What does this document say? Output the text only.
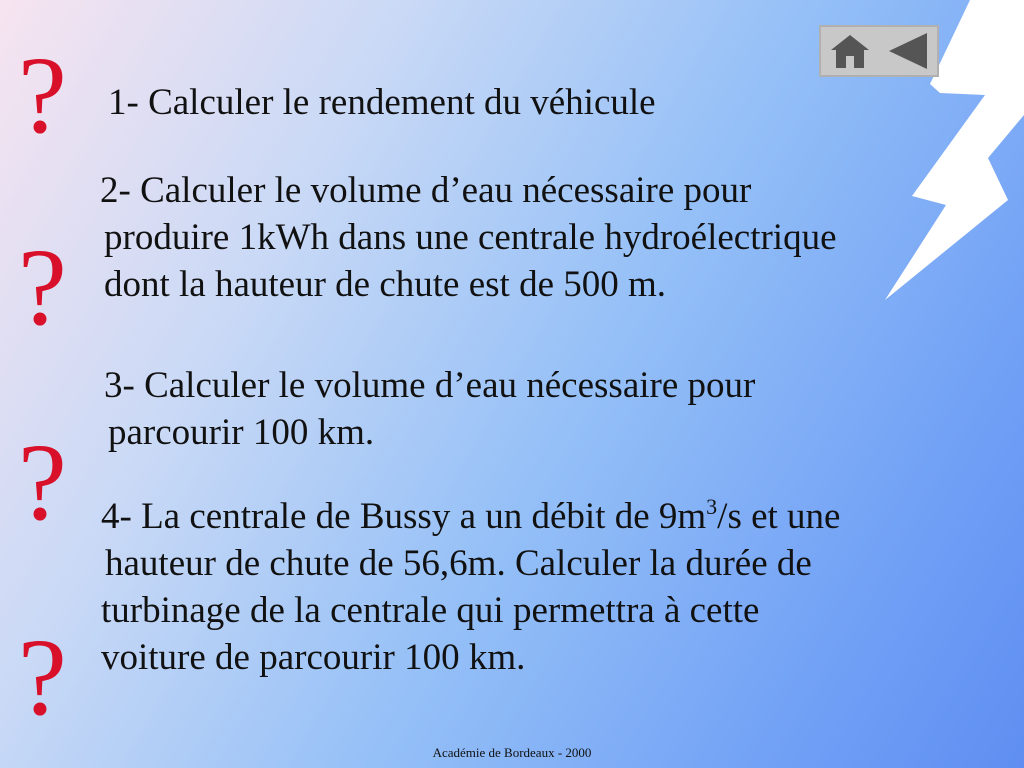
?
?
?
?
1- Calculer le rendement du véhicule
2- Calculer le volume d’eau nécessaire pour
produire 1kWh dans une centrale hydroélectrique
dont la hauteur de chute est de 500 m.
3- Calculer le volume d’eau nécessaire pour
parcourir 100 km.
4- La centrale de Bussy a un débit de $9m^3/s$ et une
hauteur de chute de 56,6m. Calculer la durée de
turbinage de la centrale qui permettra à cette
voiture de parcourir 100 km.
Académie de Bordeaux - 2000
